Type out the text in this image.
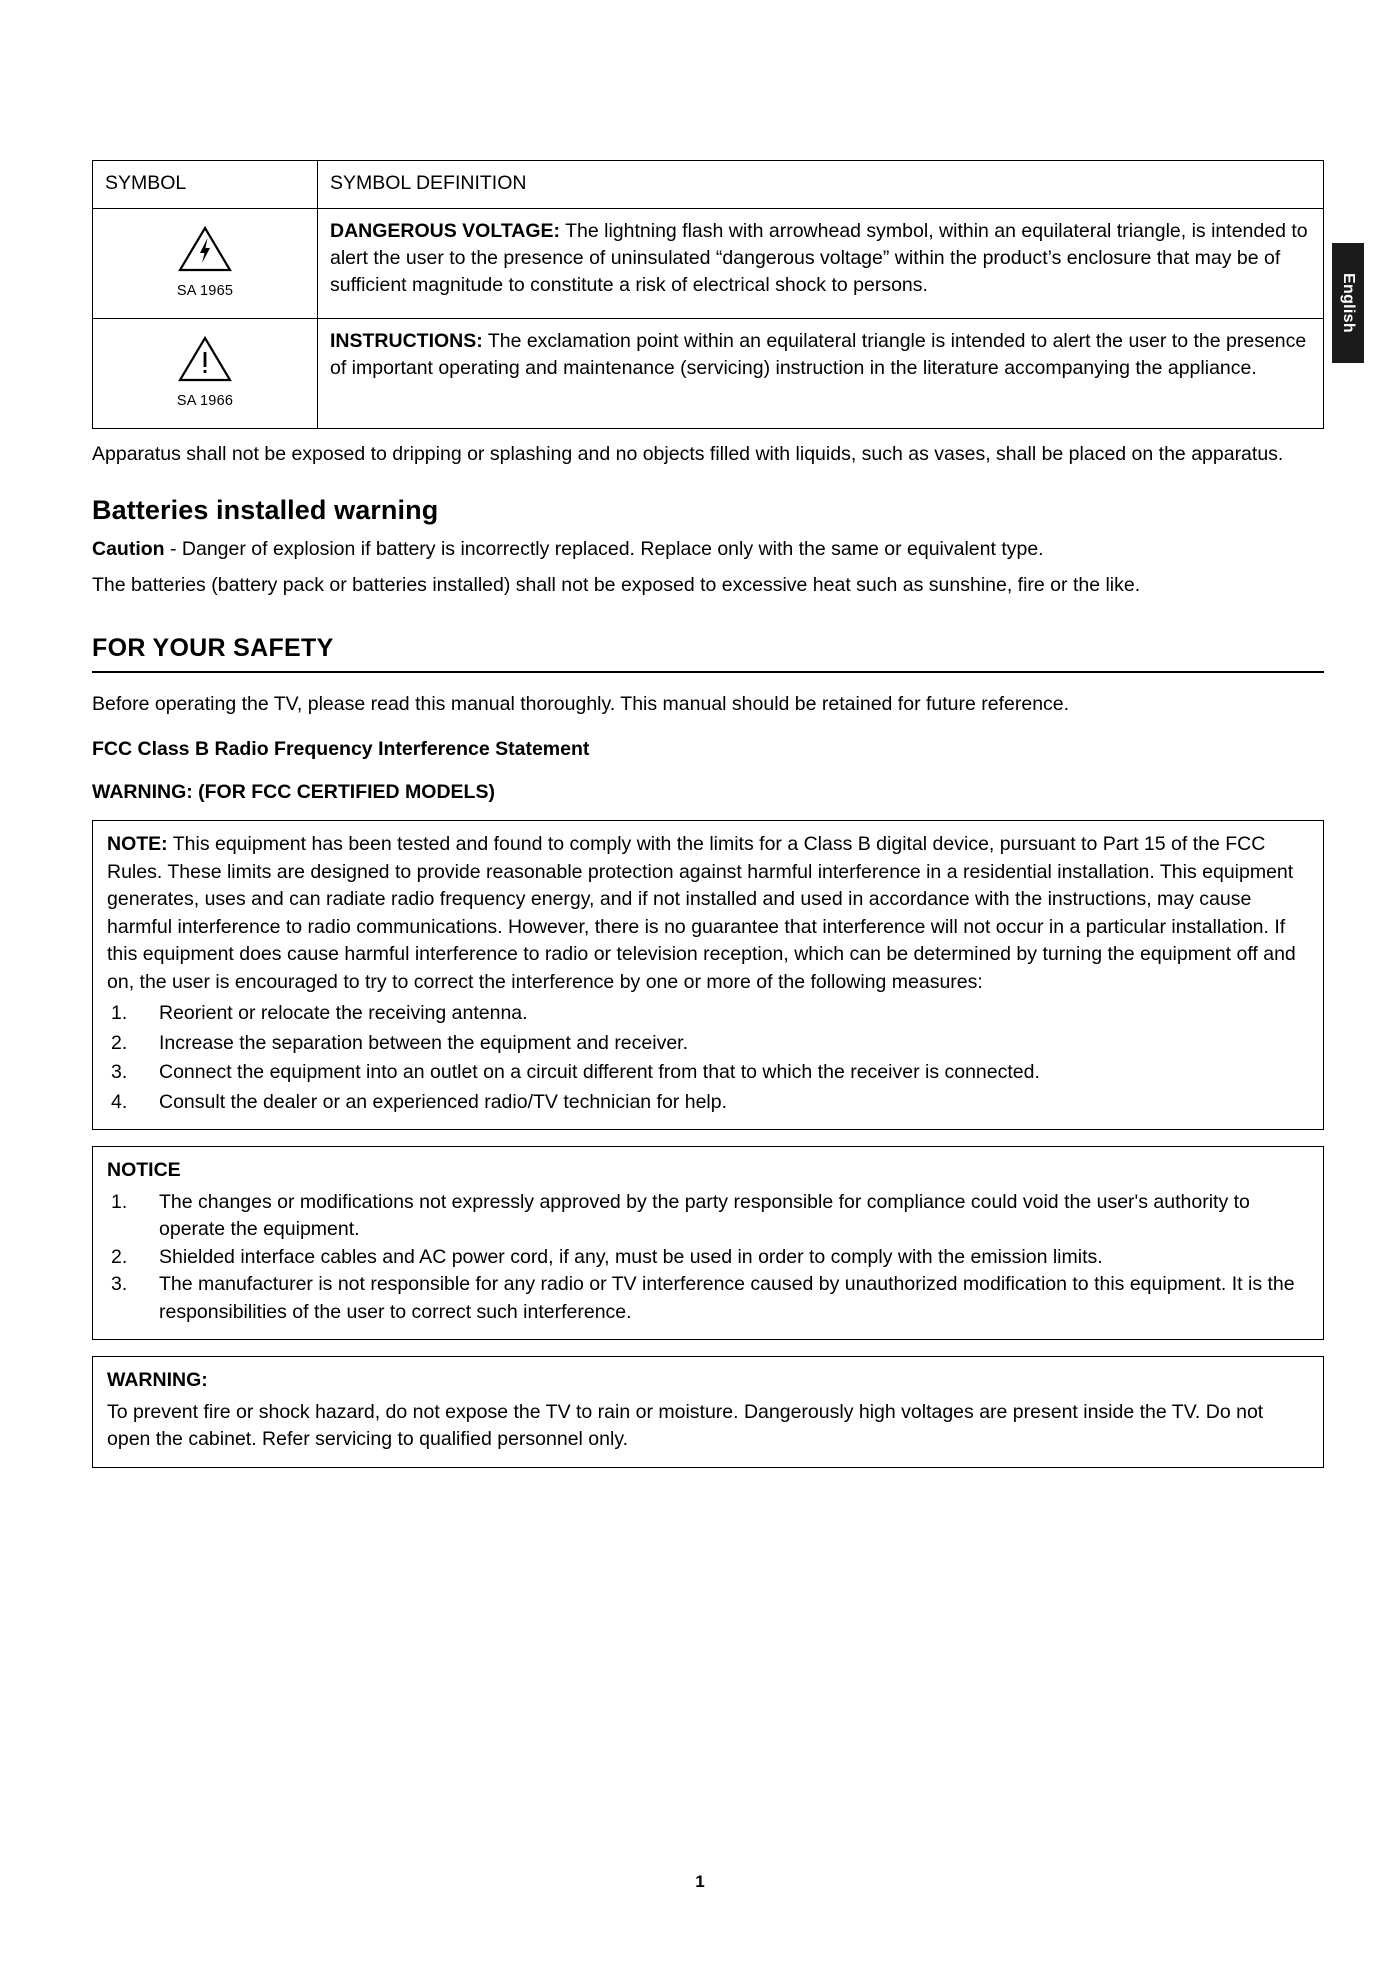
English
SYMBOL	SYMBOL DEFINITION

SA 1965	DANGEROUS VOLTAGE: The lightning flash with arrowhead symbol, within an equilateral triangle, is intended to alert the user to the presence of uninsulated “dangerous voltage” within the product’s enclosure that may be of sufficient magnitude to constitute a risk of electrical shock to persons.

SA 1966	INSTRUCTIONS: The exclamation point within an equilateral triangle is intended to alert the user to the presence of important operating and maintenance (servicing) instruction in the literature accompanying the appliance.

Apparatus shall not be exposed to dripping or splashing and no objects filled with liquids, such as vases, shall be placed on the apparatus.

Batteries installed warning

Caution - Danger of explosion if battery is incorrectly replaced. Replace only with the same or equivalent type.

The batteries (battery pack or batteries installed) shall not be exposed to excessive heat such as sunshine, fire or the like.

FOR YOUR SAFETY

Before operating the TV, please read this manual thoroughly. This manual should be retained for future reference.

FCC Class B Radio Frequency Interference Statement
WARNING: (FOR FCC CERTIFIED MODELS)

NOTE: This equipment has been tested and found to comply with the limits for a Class B digital device, pursuant to Part 15 of the FCC Rules. These limits are designed to provide reasonable protection against harmful interference in a residential installation. This equipment generates, uses and can radiate radio frequency energy, and if not installed and used in accordance with the instructions, may cause harmful interference to radio communications. However, there is no guarantee that interference will not occur in a particular installation. If this equipment does cause harmful interference to radio or television reception, which can be determined by turning the equipment off and on, the user is encouraged to try to correct the interference by one or more of the following measures:

1.	Reorient or relocate the receiving antenna.
2.	Increase the separation between the equipment and receiver.
3.	Connect the equipment into an outlet on a circuit different from that to which the receiver is connected.
4.	Consult the dealer or an experienced radio/TV technician for help.

NOTICE

1.	The changes or modifications not expressly approved by the party responsible for compliance could void the user's authority to operate the equipment.
2.	Shielded interface cables and AC power cord, if any, must be used in order to comply with the emission limits.
3.	The manufacturer is not responsible for any radio or TV interference caused by unauthorized modification to this equipment. It is the responsibilities of the user to correct such interference.

WARNING:

To prevent fire or shock hazard, do not expose the TV to rain or moisture. Dangerously high voltages are present inside the TV. Do not open the cabinet. Refer servicing to qualified personnel only.

1
